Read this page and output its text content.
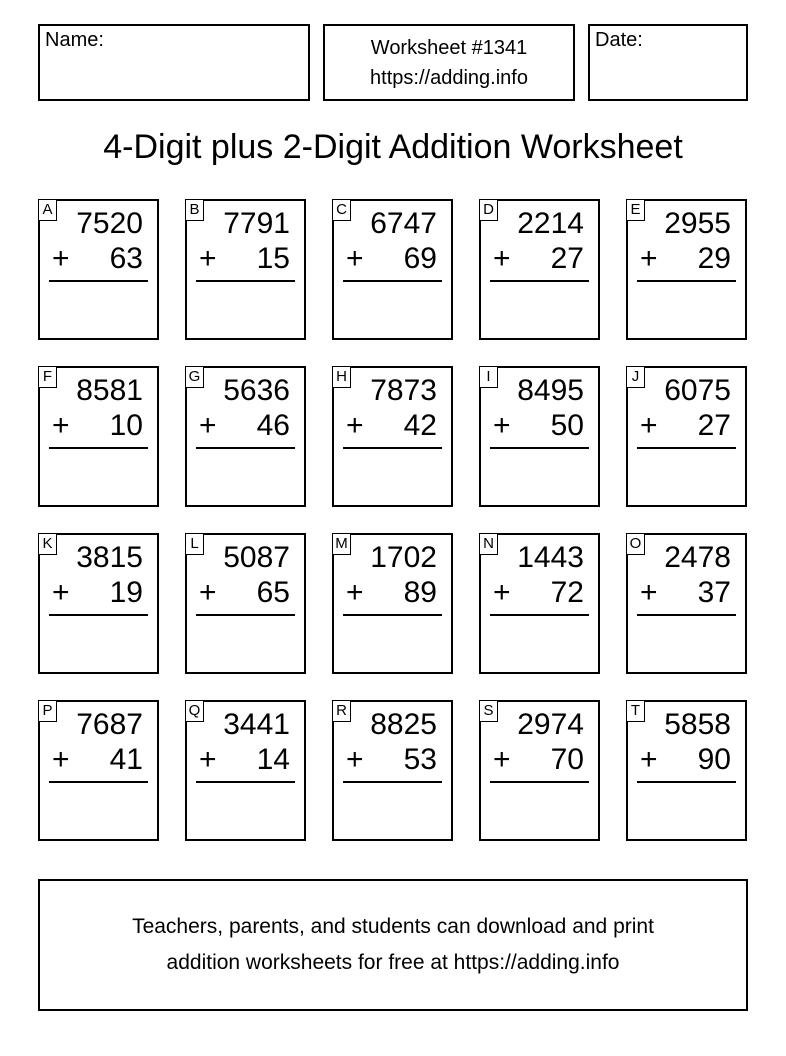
Name:	Worksheet #1341
https://adding.info
Date:
4-Digit plus 2-Digit Addition Worksheet
A 7520
+ 63
B 7791
+ 15
C 6747
+ 69
D 2214
+ 27
E 2955
+ 29
F 8581
+ 10
G 5636
+ 46
H 7873
+ 42
I 8495
+ 50
J 6075
+ 27
K 3815
+ 19
L 5087
+ 65
M 1702
+ 89
N 1443
+ 72
O 2478
+ 37
P 7687
+ 41
Q 3441
+ 14
R 8825
+ 53
S 2974
+ 70
T 5858
+ 90
Teachers, parents, and students can download and print
addition worksheets for free at https://adding.info
